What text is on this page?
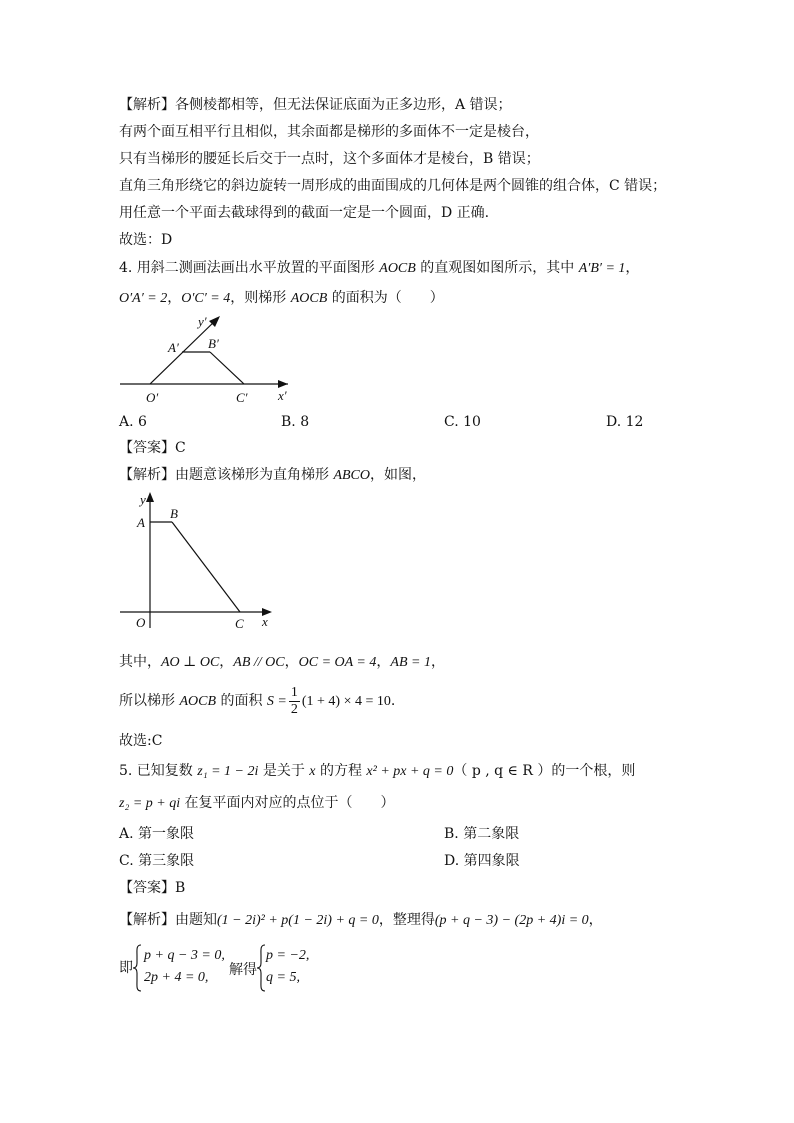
【解析】各侧棱都相等，但无法保证底面为正多边形，A 错误；
有两个面互相平行且相似，其余面都是梯形的多面体不一定是棱台，
只有当梯形的腰延长后交于一点时，这个多面体才是棱台，B 错误；
直角三角形绕它的斜边旋转一周形成的曲面围成的几何体是两个圆锥的组合体，C 错误；
用任意一个平面去截球得到的截面一定是一个圆面，D 正确.
故选：D
4. 用斜二测画法画出水平放置的平面图形 AOCB 的直观图如图所示，其中 A′B′ = 1，
O′A′ = 2，O′C′ = 4，则梯形 AOCB 的面积为（　　）
y′
A′ B′
O′	C′ x′
A. 6	B. 8	C. 10	D. 12
【答案】C
【解析】由题意该梯形为直角梯形 ABCO，如图，
y
A
B
O	C x
其中，AO ⊥ OC，AB // OC，OC = OA = 4，AB = 1，
所以梯形 AOCB 的面积 $S = \frac{1}{2} (1 + 4) \times 4 = 10$.
故选:C
5. 已知复数 z₁ = 1 − 2i 是关于 x 的方程 x² + px + q = 0（ p , q ∈ R ）的一个根，则
z₂ = p + qi 在复平面内对应的点位于（　　）
A. 第一象限	B. 第二象限
C. 第三象限	D. 第四象限
【答案】B
【解析】由题知(1 − 2i)² + p(1 − 2i) + q = 0，整理得(p + q − 3) − (2p + 4)i = 0，
即
p + q − 3 = 0,
2p + 4 = 0,	解得
p = −2,
q = 5,
